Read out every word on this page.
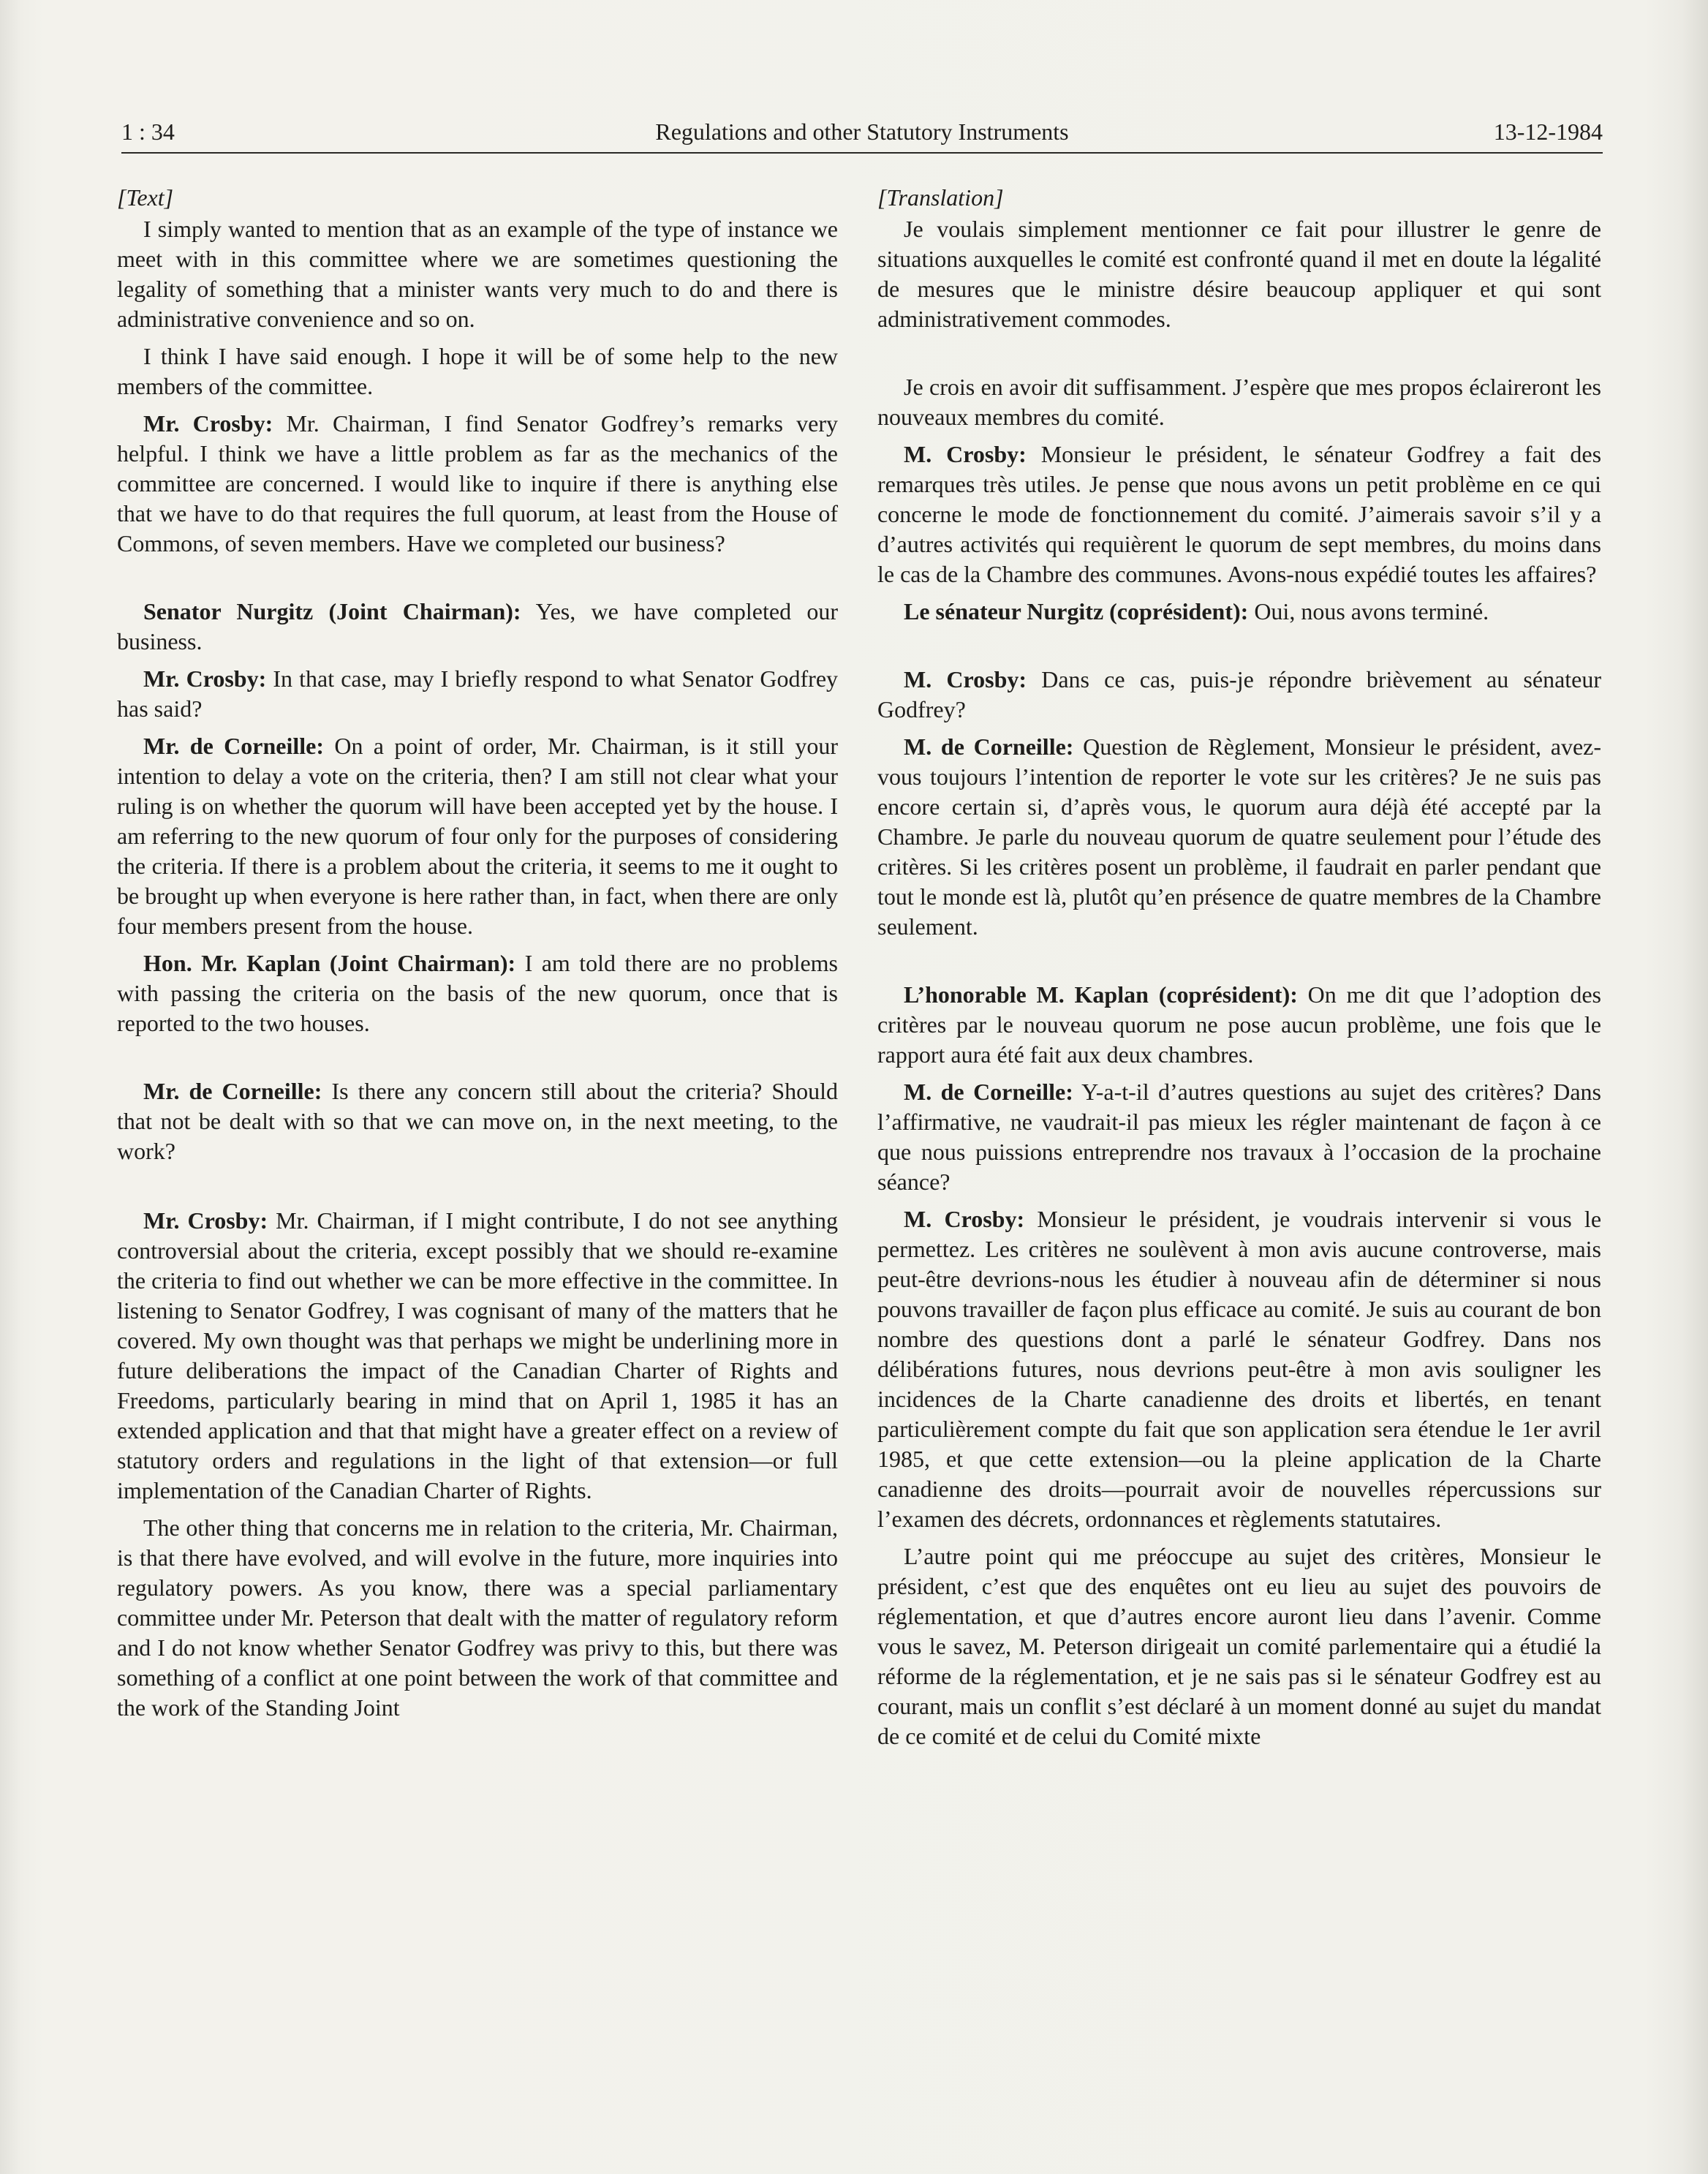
1 : 34	Regulations and other Statutory Instruments	13-12-1984
[Text]

I simply wanted to mention that as an example of the type of instance we meet with in this committee where we are sometimes questioning the legality of something that a minister wants very much to do and there is administrative convenience and so on.

I think I have said enough. I hope it will be of some help to the new members of the committee.

Mr. Crosby: Mr. Chairman, I find Senator Godfrey’s remarks very helpful. I think we have a little problem as far as the mechanics of the committee are concerned. I would like to inquire if there is anything else that we have to do that requires the full quorum, at least from the House of Commons, of seven members. Have we completed our business?

Senator Nurgitz (Joint Chairman): Yes, we have completed our business.

Mr. Crosby: In that case, may I briefly respond to what Senator Godfrey has said?

Mr. de Corneille: On a point of order, Mr. Chairman, is it still your intention to delay a vote on the criteria, then? I am still not clear what your ruling is on whether the quorum will have been accepted yet by the house. I am referring to the new quorum of four only for the purposes of considering the criteria. If there is a problem about the criteria, it seems to me it ought to be brought up when everyone is here rather than, in fact, when there are only four members present from the house.

Hon. Mr. Kaplan (Joint Chairman): I am told there are no problems with passing the criteria on the basis of the new quorum, once that is reported to the two houses.

Mr. de Corneille: Is there any concern still about the criteria? Should that not be dealt with so that we can move on, in the next meeting, to the work?

Mr. Crosby: Mr. Chairman, if I might contribute, I do not see anything controversial about the criteria, except possibly that we should re-examine the criteria to find out whether we can be more effective in the committee. In listening to Senator Godfrey, I was cognisant of many of the matters that he covered. My own thought was that perhaps we might be underlining more in future deliberations the impact of the Canadian Charter of Rights and Freedoms, particularly bearing in mind that on April 1, 1985 it has an extended application and that that might have a greater effect on a review of statutory orders and regulations in the light of that extension—or full implementation of the Canadian Charter of Rights.

The other thing that concerns me in relation to the criteria, Mr. Chairman, is that there have evolved, and will evolve in the future, more inquiries into regulatory powers. As you know, there was a special parliamentary committee under Mr. Peterson that dealt with the matter of regulatory reform and I do not know whether Senator Godfrey was privy to this, but there was something of a conflict at one point between the work of that committee and the work of the Standing Joint

[Translation]

Je voulais simplement mentionner ce fait pour illustrer le genre de situations auxquelles le comité est confronté quand il met en doute la légalité de mesures que le ministre désire beaucoup appliquer et qui sont administrativement commodes.

Je crois en avoir dit suffisamment. J’espère que mes propos éclaireront les nouveaux membres du comité.

M. Crosby: Monsieur le président, le sénateur Godfrey a fait des remarques très utiles. Je pense que nous avons un petit problème en ce qui concerne le mode de fonctionnement du comité. J’aimerais savoir s’il y a d’autres activités qui requièrent le quorum de sept membres, du moins dans le cas de la Chambre des communes. Avons-nous expédié toutes les affaires?

Le sénateur Nurgitz (coprésident): Oui, nous avons terminé.

M. Crosby: Dans ce cas, puis-je répondre brièvement au sénateur Godfrey?

M. de Corneille: Question de Règlement, Monsieur le président, avez-vous toujours l’intention de reporter le vote sur les critères? Je ne suis pas encore certain si, d’après vous, le quorum aura déjà été accepté par la Chambre. Je parle du nouveau quorum de quatre seulement pour l’étude des critères. Si les critères posent un problème, il faudrait en parler pendant que tout le monde est là, plutôt qu’en présence de quatre membres de la Chambre seulement.

L’honorable M. Kaplan (coprésident): On me dit que l’adoption des critères par le nouveau quorum ne pose aucun problème, une fois que le rapport aura été fait aux deux chambres.

M. de Corneille: Y-a-t-il d’autres questions au sujet des critères? Dans l’affirmative, ne vaudrait-il pas mieux les régler maintenant de façon à ce que nous puissions entreprendre nos travaux à l’occasion de la prochaine séance?

M. Crosby: Monsieur le président, je voudrais intervenir si vous le permettez. Les critères ne soulèvent à mon avis aucune controverse, mais peut-être devrions-nous les étudier à nouveau afin de déterminer si nous pouvons travailler de façon plus efficace au comité. Je suis au courant de bon nombre des questions dont a parlé le sénateur Godfrey. Dans nos délibérations futures, nous devrions peut-être à mon avis souligner les incidences de la Charte canadienne des droits et libertés, en tenant particulièrement compte du fait que son application sera étendue le 1er avril 1985, et que cette extension—ou la pleine application de la Charte canadienne des droits—pourrait avoir de nouvelles répercussions sur l’examen des décrets, ordonnances et règlements statutaires.

L’autre point qui me préoccupe au sujet des critères, Monsieur le président, c’est que des enquêtes ont eu lieu au sujet des pouvoirs de réglementation, et que d’autres encore auront lieu dans l’avenir. Comme vous le savez, M. Peterson dirigeait un comité parlementaire qui a étudié la réforme de la réglementation, et je ne sais pas si le sénateur Godfrey est au courant, mais un conflit s’est déclaré à un moment donné au sujet du mandat de ce comité et de celui du Comité mixte
